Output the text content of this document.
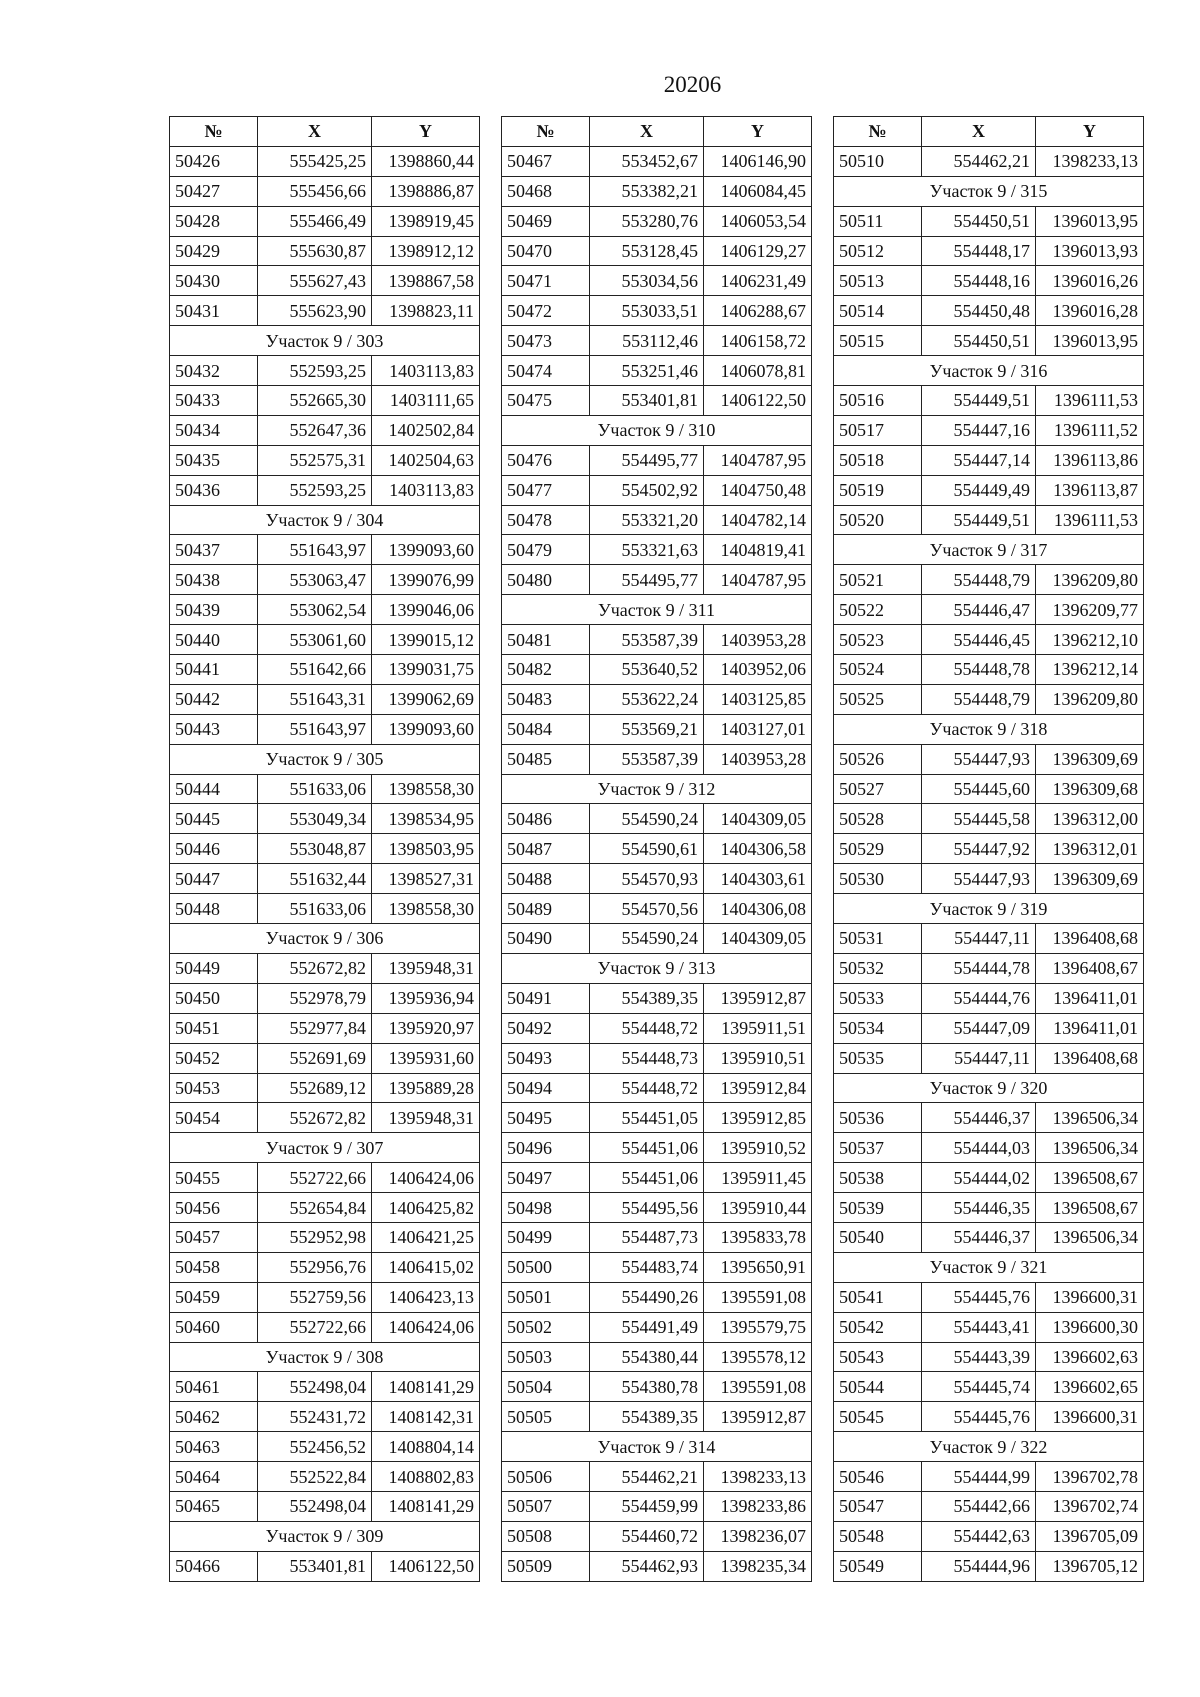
20206
№	X	Y
50426	555425,25	1398860,44
50427	555456,66	1398886,87
50428	555466,49	1398919,45
50429	555630,87	1398912,12
50430	555627,43	1398867,58
50431	555623,90	1398823,11
Участок 9 / 303		
50432	552593,25	1403113,83
50433	552665,30	1403111,65
50434	552647,36	1402502,84
50435	552575,31	1402504,63
50436	552593,25	1403113,83
Участок 9 / 304		
50437	551643,97	1399093,60
50438	553063,47	1399076,99
50439	553062,54	1399046,06
50440	553061,60	1399015,12
50441	551642,66	1399031,75
50442	551643,31	1399062,69
50443	551643,97	1399093,60
Участок 9 / 305		
50444	551633,06	1398558,30
50445	553049,34	1398534,95
50446	553048,87	1398503,95
50447	551632,44	1398527,31
50448	551633,06	1398558,30
Участок 9 / 306		
50449	552672,82	1395948,31
50450	552978,79	1395936,94
50451	552977,84	1395920,97
50452	552691,69	1395931,60
50453	552689,12	1395889,28
50454	552672,82	1395948,31
Участок 9 / 307		
50455	552722,66	1406424,06
50456	552654,84	1406425,82
50457	552952,98	1406421,25
50458	552956,76	1406415,02
50459	552759,56	1406423,13
50460	552722,66	1406424,06
Участок 9 / 308		
50461	552498,04	1408141,29
50462	552431,72	1408142,31
50463	552456,52	1408804,14
50464	552522,84	1408802,83
50465	552498,04	1408141,29
Участок 9 / 309		
50466	553401,81	1406122,50
№	X	Y
50467	553452,67	1406146,90
50468	553382,21	1406084,45
50469	553280,76	1406053,54
50470	553128,45	1406129,27
50471	553034,56	1406231,49
50472	553033,51	1406288,67
50473	553112,46	1406158,72
50474	553251,46	1406078,81
50475	553401,81	1406122,50
Участок 9 / 310		
50476	554495,77	1404787,95
50477	554502,92	1404750,48
50478	553321,20	1404782,14
50479	553321,63	1404819,41
50480	554495,77	1404787,95
Участок 9 / 311		
50481	553587,39	1403953,28
50482	553640,52	1403952,06
50483	553622,24	1403125,85
50484	553569,21	1403127,01
50485	553587,39	1403953,28
Участок 9 / 312		
50486	554590,24	1404309,05
50487	554590,61	1404306,58
50488	554570,93	1404303,61
50489	554570,56	1404306,08
50490	554590,24	1404309,05
Участок 9 / 313		
50491	554389,35	1395912,87
50492	554448,72	1395911,51
50493	554448,73	1395910,51
50494	554448,72	1395912,84
50495	554451,05	1395912,85
50496	554451,06	1395910,52
50497	554451,06	1395911,45
50498	554495,56	1395910,44
50499	554487,73	1395833,78
50500	554483,74	1395650,91
50501	554490,26	1395591,08
50502	554491,49	1395579,75
50503	554380,44	1395578,12
50504	554380,78	1395591,08
50505	554389,35	1395912,87
Участок 9 / 314		
50506	554462,21	1398233,13
50507	554459,99	1398233,86
50508	554460,72	1398236,07
50509	554462,93	1398235,34
№	X	Y
50510	554462,21	1398233,13
Участок 9 / 315		
50511	554450,51	1396013,95
50512	554448,17	1396013,93
50513	554448,16	1396016,26
50514	554450,48	1396016,28
50515	554450,51	1396013,95
Участок 9 / 316		
50516	554449,51	1396111,53
50517	554447,16	1396111,52
50518	554447,14	1396113,86
50519	554449,49	1396113,87
50520	554449,51	1396111,53
Участок 9 / 317		
50521	554448,79	1396209,80
50522	554446,47	1396209,77
50523	554446,45	1396212,10
50524	554448,78	1396212,14
50525	554448,79	1396209,80
Участок 9 / 318		
50526	554447,93	1396309,69
50527	554445,60	1396309,68
50528	554445,58	1396312,00
50529	554447,92	1396312,01
50530	554447,93	1396309,69
Участок 9 / 319		
50531	554447,11	1396408,68
50532	554444,78	1396408,67
50533	554444,76	1396411,01
50534	554447,09	1396411,01
50535	554447,11	1396408,68
Участок 9 / 320		
50536	554446,37	1396506,34
50537	554444,03	1396506,34
50538	554444,02	1396508,67
50539	554446,35	1396508,67
50540	554446,37	1396506,34
Участок 9 / 321		
50541	554445,76	1396600,31
50542	554443,41	1396600,30
50543	554443,39	1396602,63
50544	554445,74	1396602,65
50545	554445,76	1396600,31
Участок 9 / 322		
50546	554444,99	1396702,78
50547	554442,66	1396702,74
50548	554442,63	1396705,09
50549	554444,96	1396705,12
